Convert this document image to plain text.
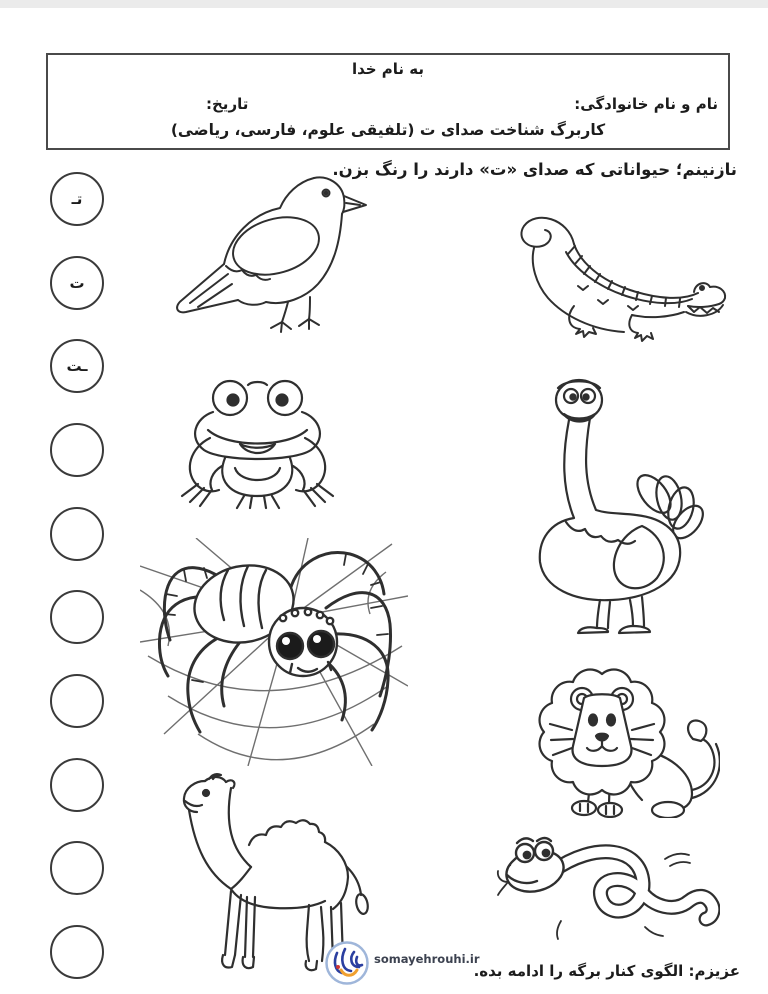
به نام خدا
نام و نام خانوادگی:
تاریخ:
کاربرگ شناخت صدای ت (تلفیقی علوم، فارسی، ریاضی)
نازنینم؛ حیواناتی که صدای «ت» دارند را رنگ بزن.
تـ
ت
ـت
somayehrouhi.ir
عزیزم: الگوی کنار برگه را ادامه بده.
